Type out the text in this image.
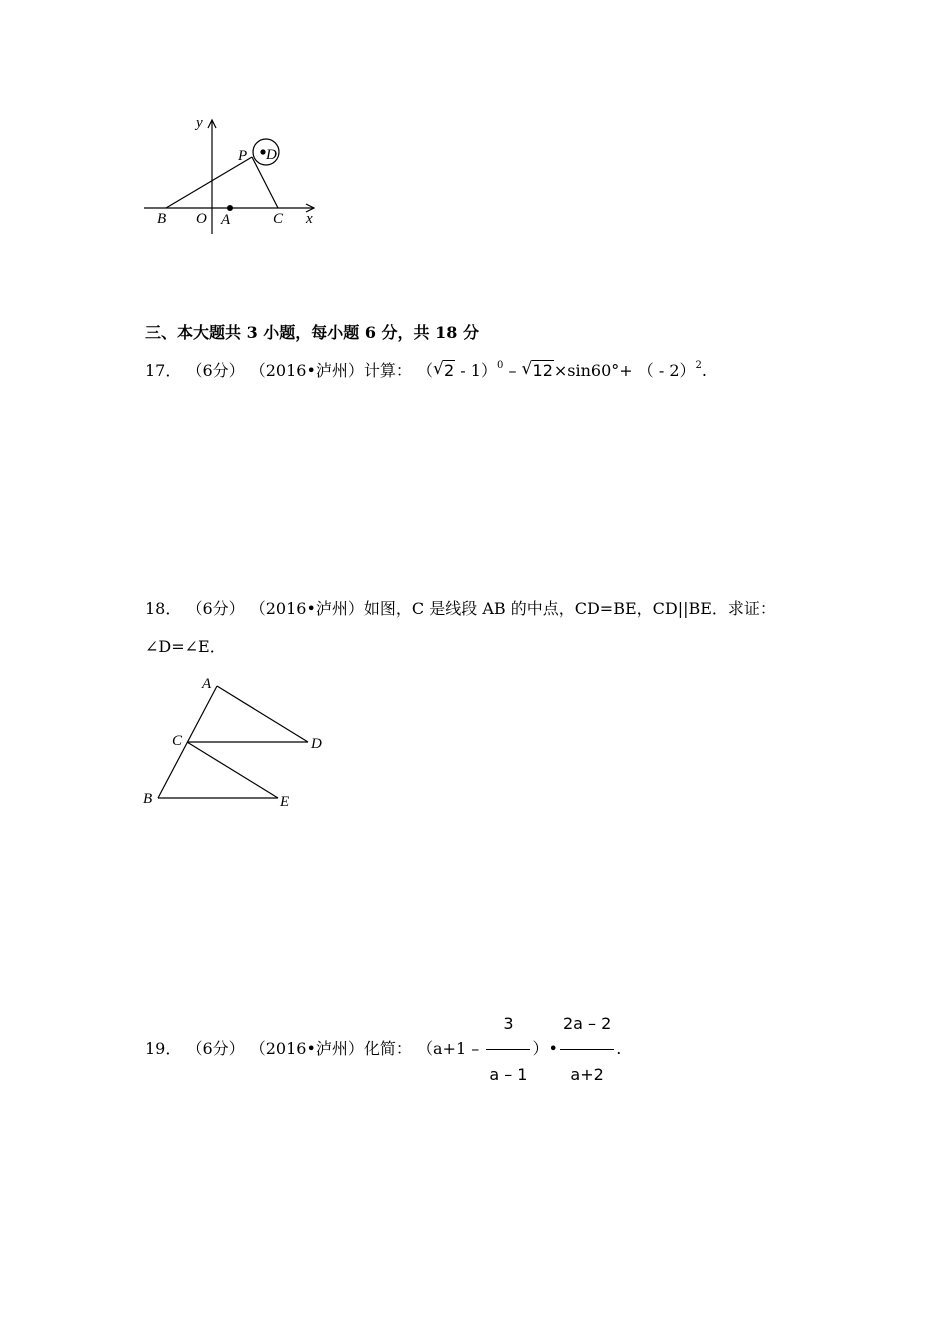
y
P D
B O A	C x
三、本大题共 3 小题，每小题 6 分，共 18 分
17． （6分） （2016•泸州）计算： （ √ 2 - 1）$^0$ – √ 12×sin60°+ （ - 2）$^2$.
18． （6分） （2016•泸州）如图，C 是线段 AB 的中点，CD=BE，CD||BE．求证：
∠D=∠E．
A
C	D
B	E
19． （6分） （2016•泸州）化简： （$a+1 - \frac{3}{a - 1}$ ）• $\frac{2a - 2}{a+2}$ .
